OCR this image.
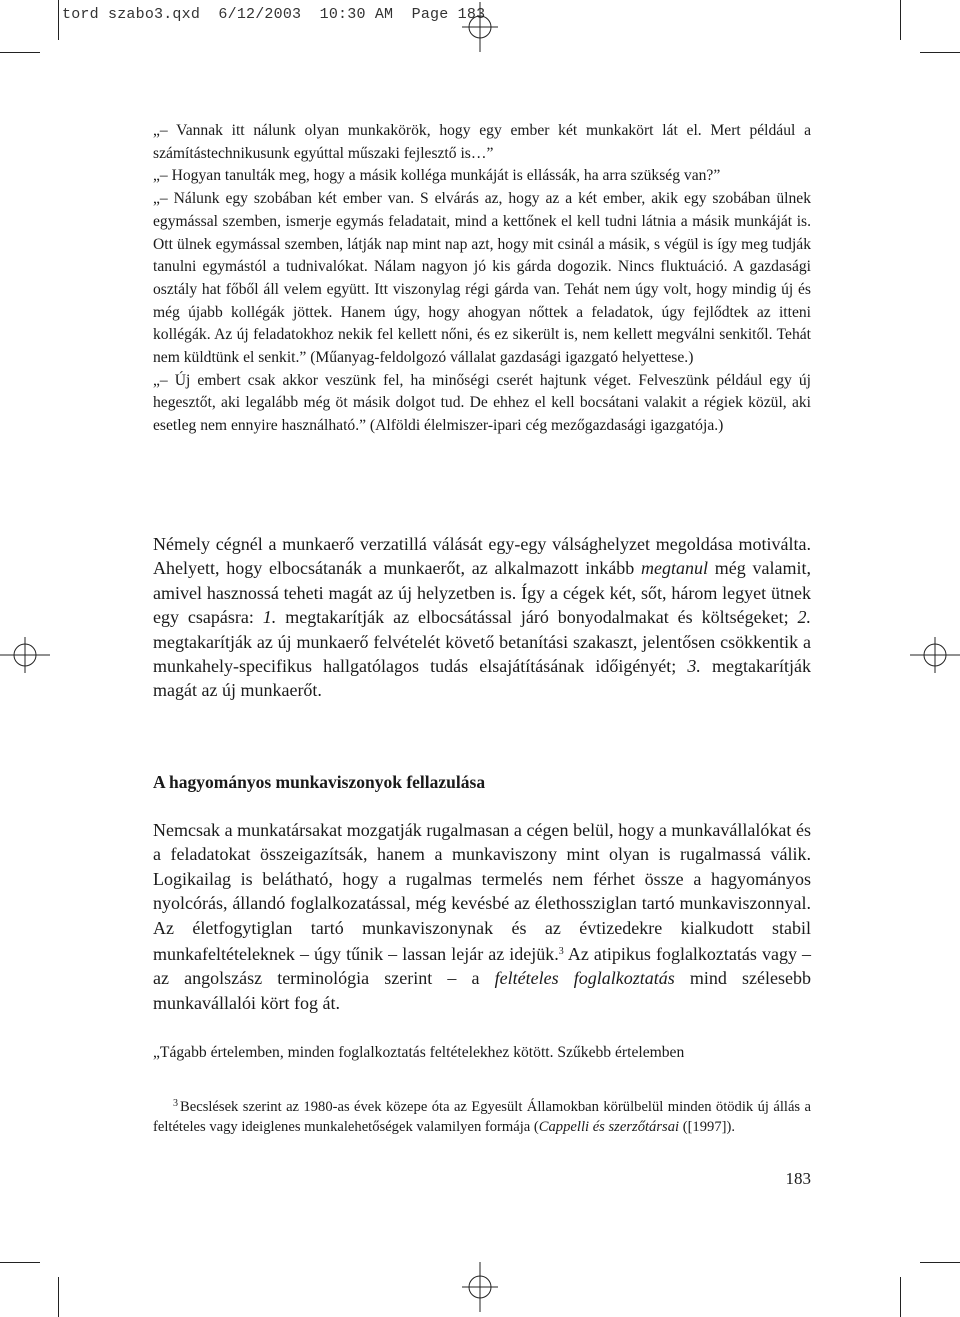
tord szabo3.qxd  6/12/2003  10:30 AM  Page 183

„– Vannak itt nálunk olyan munkakörök, hogy egy ember két munkakört lát el. Mert például a számítástechnikusunk egyúttal műszaki fejlesztő is…”

„– Hogyan tanulták meg, hogy a másik kolléga munkáját is ellássák, ha arra szükség van?”

„– Nálunk egy szobában két ember van. S elvárás az, hogy az a két ember, akik egy szobában ülnek egymással szemben, ismerje egymás feladatait, mind a kettőnek el kell tudni látnia a másik munkáját is. Ott ülnek egymással szemben, látják nap mint nap azt, hogy mit csinál a másik, s végül is így meg tudják tanulni egymástól a tudnivalókat. Nálam nagyon jó kis gárda dogozik. Nincs fluktuáció. A gazdasági osztály hat főből áll velem együtt. Itt viszonylag régi gárda van. Tehát nem úgy volt, hogy mindig új és még újabb kollégák jöttek. Hanem úgy, hogy ahogyan nőttek a feladatok, úgy fejlődtek az itteni kollégák. Az új feladatokhoz nekik fel kellett nőni, és ez sikerült is, nem kellett megválni senkitől. Tehát nem küldtünk el senkit.” (Műanyag-feldolgozó vállalat gazdasági igazgató helyettese.)

„– Új embert csak akkor veszünk fel, ha minőségi cserét hajtunk véget. Felveszünk például egy új hegesztőt, aki legalább még öt másik dolgot tud. De ehhez el kell bocsátani valakit a régiek közül, aki esetleg nem ennyire használható.” (Alföldi élelmiszer-ipari cég mezőgazdasági igazgatója.)

Némely cégnél a munkaerő verzatillá válását egy-egy válsághelyzet megoldása motiválta. Ahelyett, hogy elbocsátanák a munkaerőt, az alkalmazott inkább megtanul még valamit, amivel hasznossá teheti magát az új helyzetben is. Így a cégek két, sőt, három legyet ütnek egy csapásra: 1. megtakarítják az elbocsátással járó bonyodalmakat és költségeket; 2. megtakarítják az új munkaerő felvételét követő betanítási szakaszt, jelentősen csökkentik a munkahely-specifikus hallgatólagos tudás elsajátításának időigényét; 3. megtakarítják magát az új munkaerőt.

A hagyományos munkaviszonyok fellazulása

Nemcsak a munkatársakat mozgatják rugalmasan a cégen belül, hogy a munkavállalókat és a feladatokat összeigazítsák, hanem a munkaviszony mint olyan is rugalmassá válik. Logikailag is belátható, hogy a rugalmas termelés nem férhet össze a hagyományos nyolcórás, állandó foglalkozatással, még kevésbé az élethossziglan tartó munkaviszonnyal. Az életfogytiglan tartó munkaviszonynak és az évtizedekre kialkudott stabil munkafeltételeknek – úgy tűnik – lassan lejár az idejük.$^3$ Az atipikus foglalkoztatás vagy – az angolszász terminológia szerint – a feltételes foglalkoztatás mind szélesebb munkavállalói kört fog át.

„Tágabb értelemben, minden foglalkoztatás feltételekhez kötött. Szűkebb értelemben

$^3$ Becslések szerint az 1980-as évek közepe óta az Egyesült Államokban körülbelül minden ötödik új állás a feltételes vagy ideiglenes munkalehetőségek valamilyen formája (Cappelli és szerzőtársai ([1997]).

183
